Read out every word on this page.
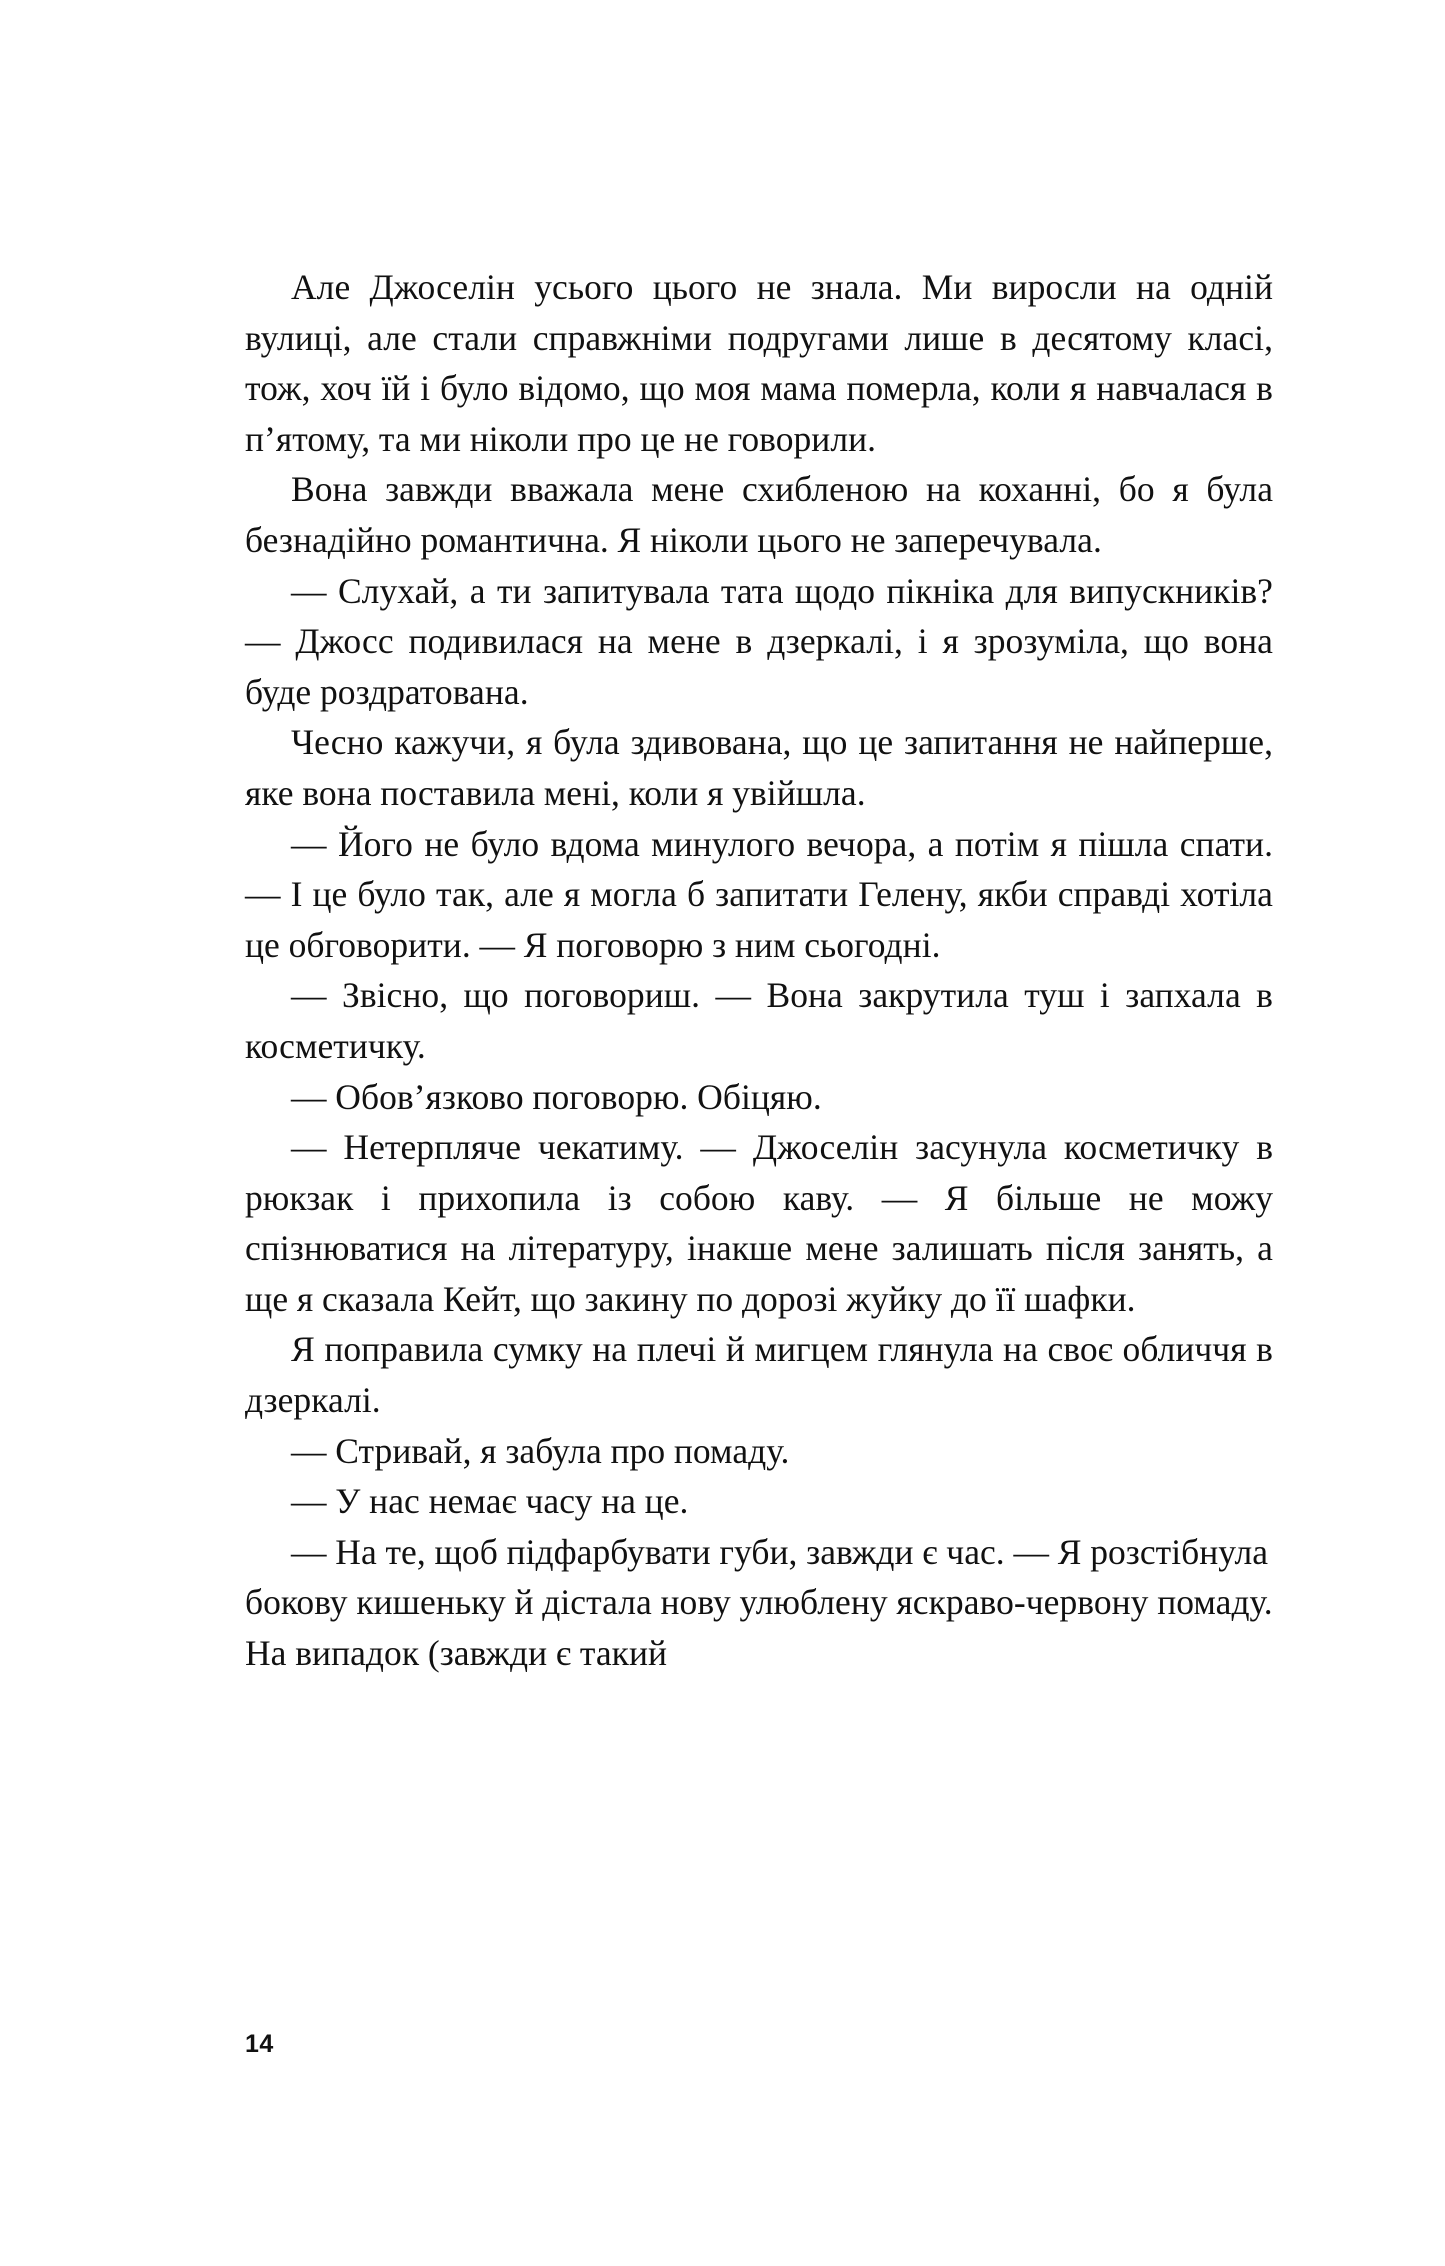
Але Джоселін усього цього не знала. Ми виросли на одній вулиці, але стали справжніми подругами лише в десятому класі, тож, хоч їй і було відомо, що моя мама померла, коли я навчалася в п’ятому, та ми ніколи про це не говорили.

Вона завжди вважала мене схибленою на коханні, бо я була безнадійно романтична. Я ніколи цього не заперечувала.

— Слухай, а ти запитувала тата щодо пікніка для випускників? — Джосс подивилася на мене в дзеркалі, і я зрозуміла, що вона буде роздратована.

Чесно кажучи, я була здивована, що це запитання не найперше, яке вона поставила мені, коли я увійшла.

— Його не було вдома минулого вечора, а потім я пішла спати. — І це було так, але я могла б запитати Гелену, якби справді хотіла це обговорити. — Я поговорю з ним сьогодні.

— Звісно, що поговориш. — Вона закрутила туш і запхала в косметичку.

— Обов’язково поговорю. Обіцяю.

— Нетерпляче чекатиму. — Джоселін засунула косметичку в рюкзак і прихопила із собою каву. — Я більше не можу спізнюватися на літературу, інакше мене залишать після занять, а ще я сказала Кейт, що закину по дорозі жуйку до її шафки.

Я поправила сумку на плечі й мигцем глянула на своє обличчя в дзеркалі.

— Стривай, я забула про помаду.

— У нас немає часу на це.

— На те, щоб підфарбувати губи, завжди є час. — Я розстібнула бокову кишеньку й дістала нову улюблену яскраво-червону помаду. На випадок (завжди є такий

14
